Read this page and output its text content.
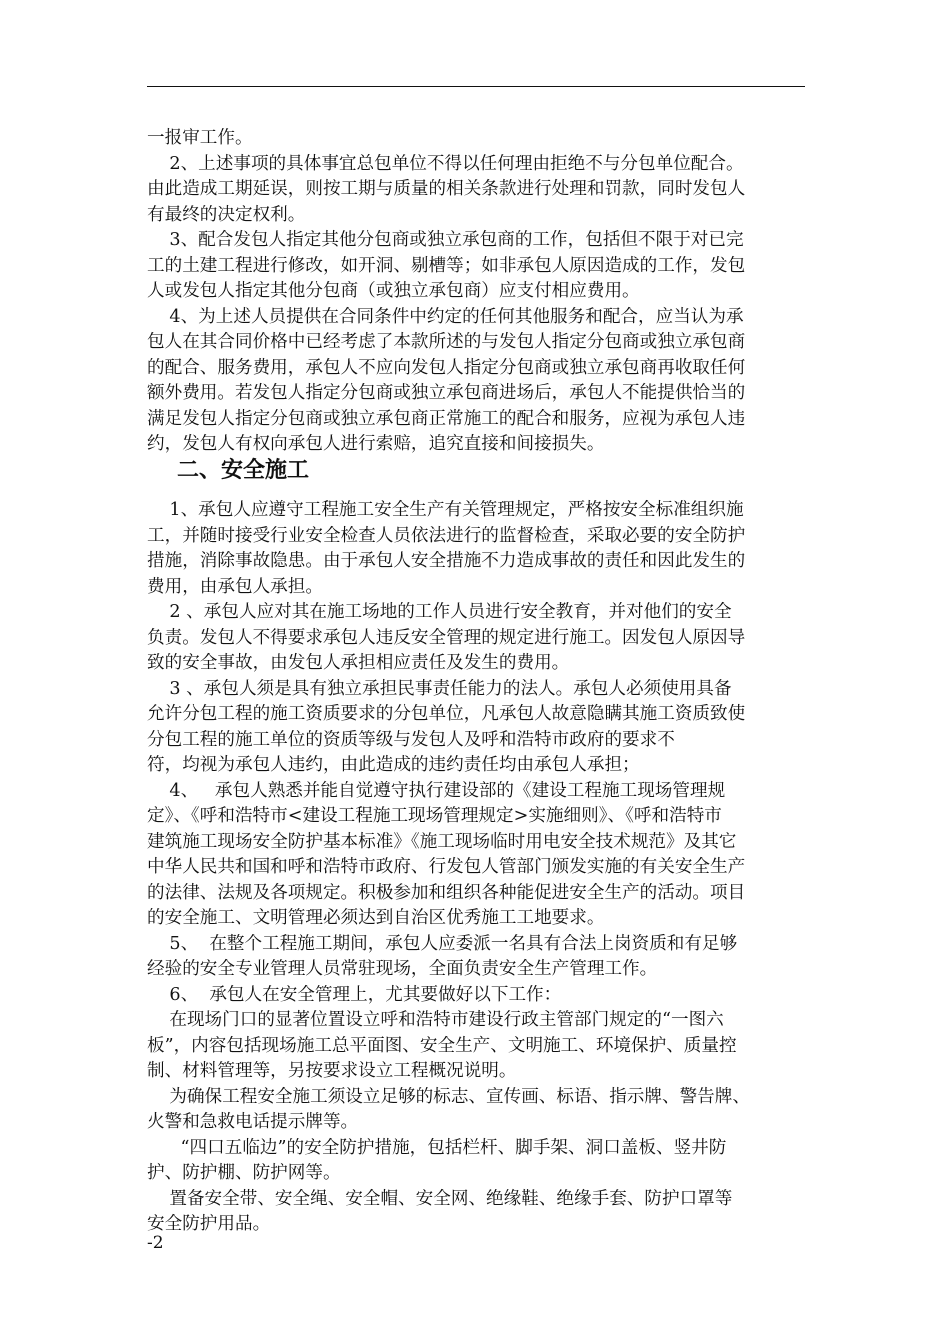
一报审工作。
2、上述事项的具体事宜总包单位不得以任何理由拒绝不与分包单位配合。
由此造成工期延误，则按工期与质量的相关条款进行处理和罚款，同时发包人
有最终的决定权利。
3、配合发包人指定其他分包商或独立承包商的工作，包括但不限于对已完
工的土建工程进行修改，如开洞、剔槽等；如非承包人原因造成的工作，发包
人或发包人指定其他分包商（或独立承包商）应支付相应费用。
4、为上述人员提供在合同条件中约定的任何其他服务和配合，应当认为承
包人在其合同价格中已经考虑了本款所述的与发包人指定分包商或独立承包商
的配合、服务费用，承包人不应向发包人指定分包商或独立承包商再收取任何
额外费用。若发包人指定分包商或独立承包商进场后，承包人不能提供恰当的
满足发包人指定分包商或独立承包商正常施工的配合和服务，应视为承包人违
约，发包人有权向承包人进行索赔，追究直接和间接损失。
二、安全施工
1、承包人应遵守工程施工安全生产有关管理规定，严格按安全标准组织施
工，并随时接受行业安全检查人员依法进行的监督检查，采取必要的安全防护
措施，消除事故隐患。由于承包人安全措施不力造成事故的责任和因此发生的
费用，由承包人承担。
2 、承包人应对其在施工场地的工作人员进行安全教育，并对他们的安全
负责。发包人不得要求承包人违反安全管理的规定进行施工。因发包人原因导
致的安全事故，由发包人承担相应责任及发生的费用。
3 、承包人须是具有独立承担民事责任能力的法人。承包人必须使用具备
允许分包工程的施工资质要求的分包单位，凡承包人故意隐瞒其施工资质致使
分包工程的施工单位的资质等级与发包人及呼和浩特市政府的要求不
符，均视为承包人违约，由此造成的违约责任均由承包人承担；
4、   承包人熟悉并能自觉遵守执行建设部的《建设工程施工现场管理规
定》、《呼和浩特市<建设工程施工现场管理规定>实施细则》、《呼和浩特市
建筑施工现场安全防护基本标准》《施工现场临时用电安全技术规范》及其它
中华人民共和国和呼和浩特市政府、行发包人管部门颁发实施的有关安全生产
的法律、法规及各项规定。积极参加和组织各种能促进安全生产的活动。项目
的安全施工、文明管理必须达到自治区优秀施工工地要求。
5、  在整个工程施工期间，承包人应委派一名具有合法上岗资质和有足够
经验的安全专业管理人员常驻现场，全面负责安全生产管理工作。
6、  承包人在安全管理上，尤其要做好以下工作：
在现场门口的显著位置设立呼和浩特市建设行政主管部门规定的“一图六
板”，内容包括现场施工总平面图、安全生产、文明施工、环境保护、质量控
制、材料管理等，另按要求设立工程概况说明。
为确保工程安全施工须设立足够的标志、宣传画、标语、指示牌、警告牌、
火警和急救电话提示牌等。
“四口五临边”的安全防护措施，包括栏杆、脚手架、洞口盖板、竖井防
护、防护棚、防护网等。
置备安全带、安全绳、安全帽、安全网、绝缘鞋、绝缘手套、防护口罩等
安全防护用品。
-2
